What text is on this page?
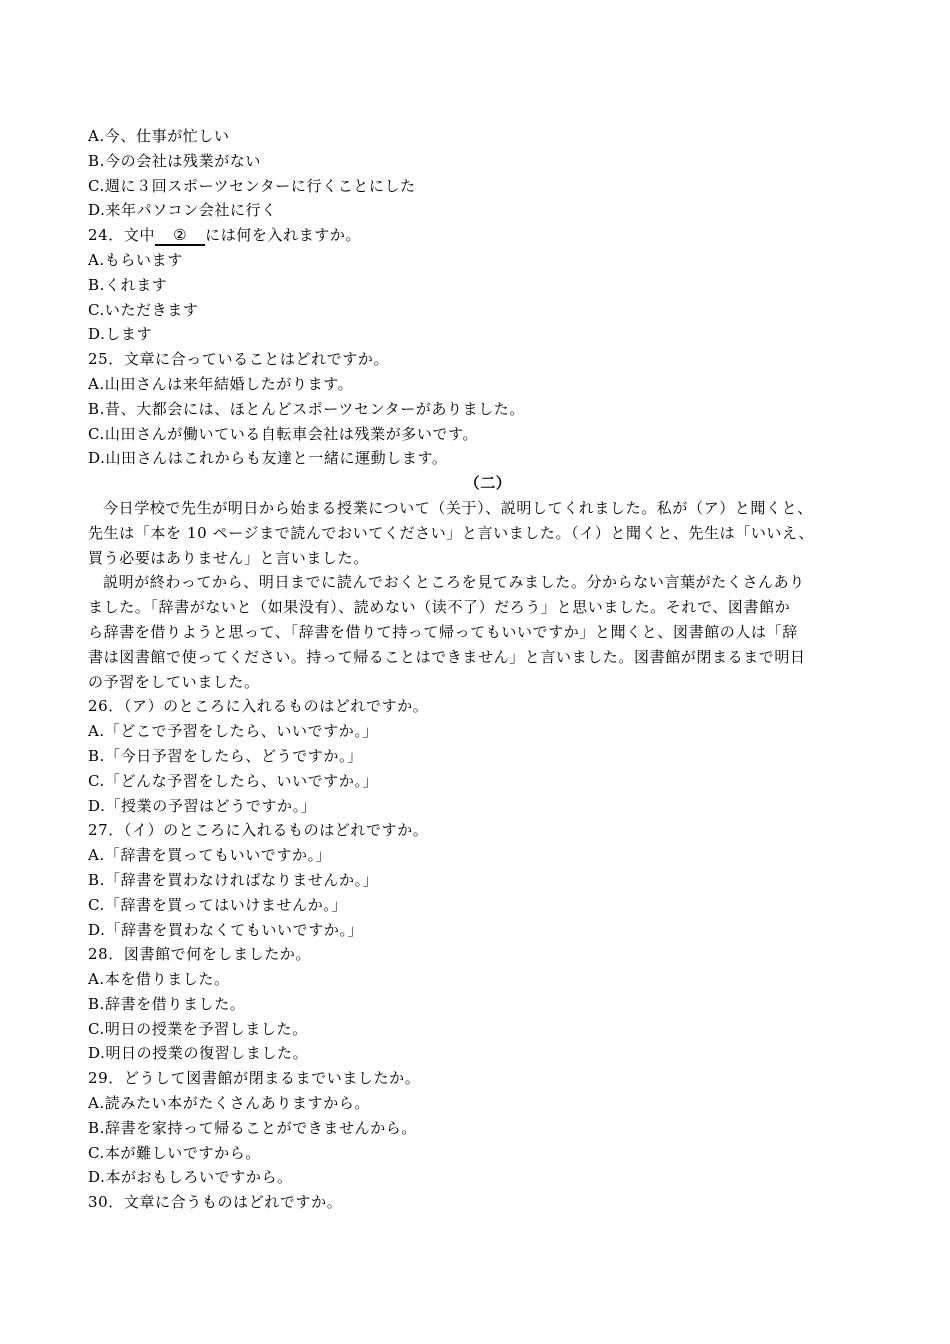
A.今、仕事が忙しい
B.今の会社は残業がない
C.週に３回スポーツセンターに行くことにした
D.来年パソコン会社に行く
24．文中 ② には何を入れますか。
A.もらいます
B.くれます
C.いただきます
D.します
25．文章に合っていることはどれですか。
A.山田さんは来年結婚したがります。
B.昔、大都会には、ほとんどスポーツセンターがありました。
C.山田さんが働いている自転車会社は残業が多いです。
D.山田さんはこれからも友達と一緒に運動します。
（二）
今日学校で先生が明日から始まる授業について（关于）、説明してくれました。私が（ア）と聞くと、
先生は「本を 10 ページまで読んでおいてください」と言いました。（イ）と聞くと、先生は「いいえ、
買う必要はありません」と言いました。
説明が終わってから、明日までに読んでおくところを見てみました。分からない言葉がたくさんあり
ました。「辞書がないと（如果没有）、読めない（读不了）だろう」と思いました。それで、図書館か
ら辞書を借りようと思って、「辞書を借りて持って帰ってもいいですか」と聞くと、図書館の人は「辞
書は図書館で使ってください。持って帰ることはできません」と言いました。図書館が閉まるまで明日
の予習をしていました。
26．（ア）のところに入れるものはどれですか。
A.「どこで予習をしたら、いいですか。」
B.「今日予習をしたら、どうですか。」
C.「どんな予習をしたら、いいですか。」
D.「授業の予習はどうですか。」
27．（イ）のところに入れるものはどれですか。
A.「辞書を買ってもいいですか。」
B.「辞書を買わなければなりませんか。」
C.「辞書を買ってはいけませんか。」
D.「辞書を買わなくてもいいですか。」
28．図書館で何をしましたか。
A.本を借りました。
B.辞書を借りました。
C.明日の授業を予習しました。
D.明日の授業の復習しました。
29．どうして図書館が閉まるまでいましたか。
A.読みたい本がたくさんありますから。
B.辞書を家持って帰ることができませんから。
C.本が難しいですから。
D.本がおもしろいですから。
30．文章に合うものはどれですか。
